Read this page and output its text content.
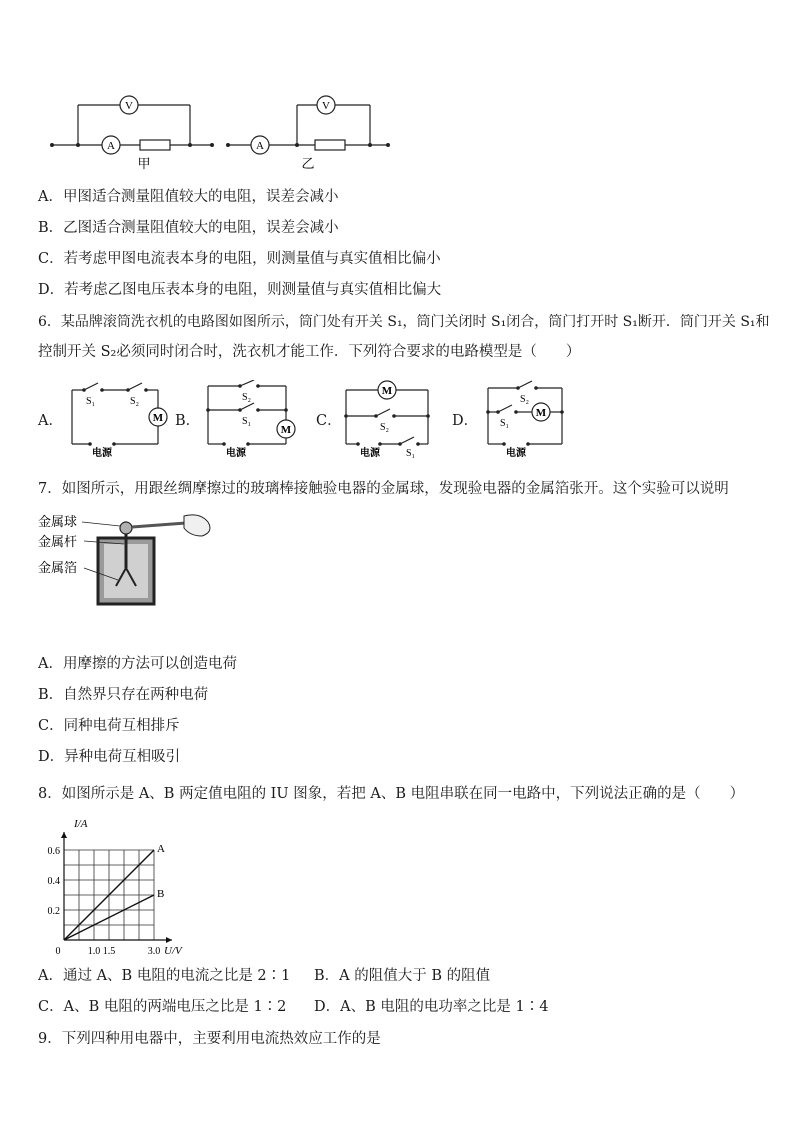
V
A
V
A
甲	乙
A．甲图适合测量阻值较大的电阻，误差会减小
B．乙图适合测量阻值较大的电阻，误差会减小
C．若考虑甲图电流表本身的电阻，则测量值与真实值相比偏小
D．若考虑乙图电压表本身的电阻，则测量值与真实值相比偏大
6．某品牌滚筒洗衣机的电路图如图所示，筒门处有开关 S₁，筒门关闭时 S₁闭合，筒门打开时 S₁断开．筒门开关 S₁和
控制开关 S₂必须同时闭合时，洗衣机才能工作．下列符合要求的电路模型是（　　）
A．	B．	C．	D．
S₁	S₂
M
电源
S₂
S₁
M
电源
M
S₂
电源	S₁
S₂
S₁
M
电源
7．如图所示，用跟丝绸摩擦过的玻璃棒接触验电器的金属球，发现验电器的金属箔张开。这个实验可以说明
金属球
金属杆
金属箔
A．用摩擦的方法可以创造电荷
B．自然界只存在两种电荷
C．同种电荷互相排斥
D．异种电荷互相吸引
8．如图所示是 A、B 两定值电阻的 IU 图象，若把 A、B 电阻串联在同一电路中，下列说法正确的是（　　）
A
B
0	1.0 1.5	3.0
0.2
0.4
0.6
U/V
I/A
A．通过 A、B 电阻的电流之比是 2∶1 B．A 的阻值大于 B 的阻值
C．A、B 电阻的两端电压之比是 1∶2 D．A、B 电阻的电功率之比是 1∶4
9．下列四种用电器中，主要利用电流热效应工作的是
